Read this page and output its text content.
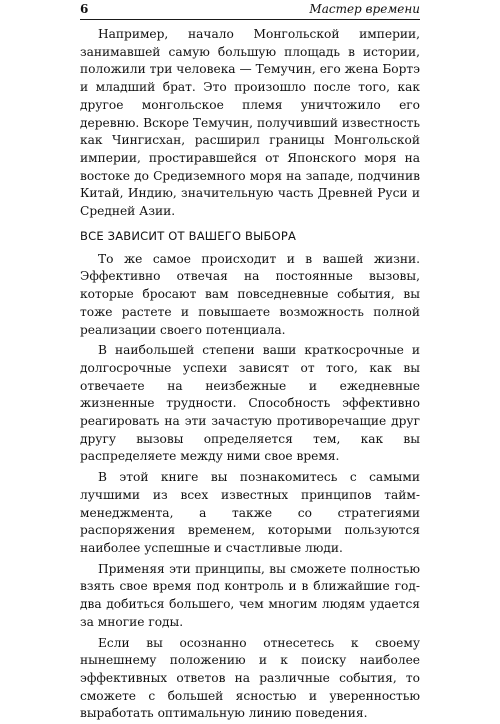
6	Мастер времени

Например, начало Монгольской империи, занимавшей самую большую площадь в истории, положили три человека — Темучин, его жена Бортэ и младший брат. Это произошло после того, как другое монгольское племя уничтожило его деревню. Вскоре Темучин, получивший известность как Чингисхан, расширил границы Монгольской империи, простиравшейся от Японского моря на востоке до Средиземного моря на западе, подчинив Китай, Индию, значительную часть Древней Руси и Средней Азии.

ВСЕ ЗАВИСИТ ОТ ВАШЕГО ВЫБОРА

То же самое происходит и в вашей жизни. Эффективно отвечая на постоянные вызовы, которые бросают вам повседневные события, вы тоже растете и повышаете возможность полной реализации своего потенциала.

В наибольшей степени ваши краткосрочные и долгосрочные успехи зависят от того, как вы отвечаете на неизбежные и ежедневные жизненные трудности. Способность эффективно реагировать на эти зачастую противоречащие друг другу вызовы определяется тем, как вы распределяете между ними свое время.

В этой книге вы познакомитесь с самыми лучшими из всех известных принципов тайм-менеджмента, а также со стратегиями распоряжения временем, которыми пользуются наиболее успешные и счастливые люди.

Применяя эти принципы, вы сможете полностью взять свое время под контроль и в ближайшие год-два добиться большего, чем многим людям удается за многие годы.

Если вы осознанно отнесетесь к своему нынешнему положению и к поиску наиболее эффективных ответов на различные события, то сможете с большей ясностью и уверенностью выработать оптимальную линию поведения.
